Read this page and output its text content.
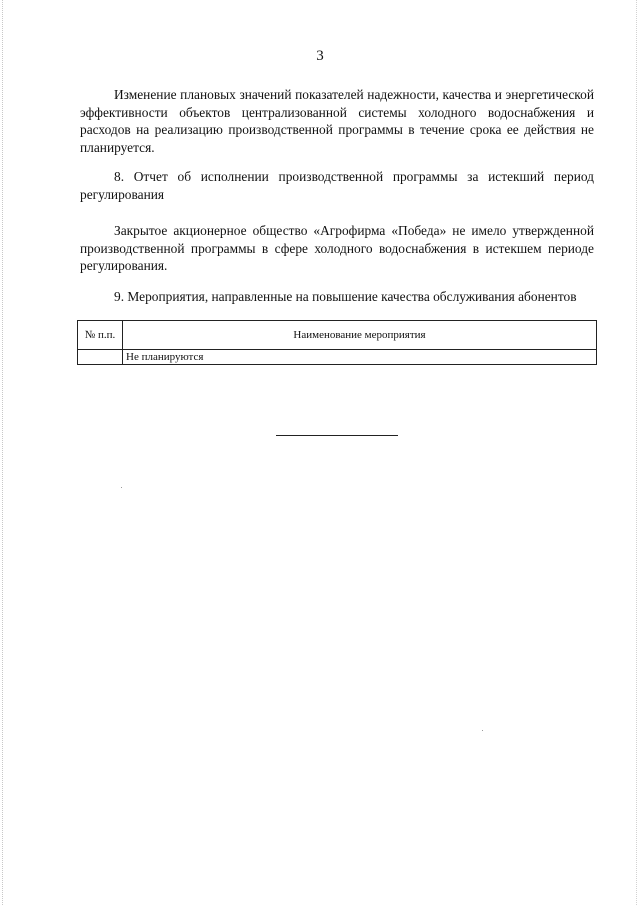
3

Изменение плановых значений показателей надежности, качества и энергетической эффективности объектов централизованной системы холодного водоснабжения и расходов на реализацию производственной программы в течение срока ее действия не планируется.

8. Отчет об исполнении производственной программы за истекший период регулирования

Закрытое акционерное общество «Агрофирма «Победа» не имело утвержденной производственной программы в сфере холодного водоснабжения в истекшем периоде регулирования.

9. Мероприятия, направленные на повышение качества обслуживания абонентов

№ п.п.	Наименование мероприятия
	Не планируются
